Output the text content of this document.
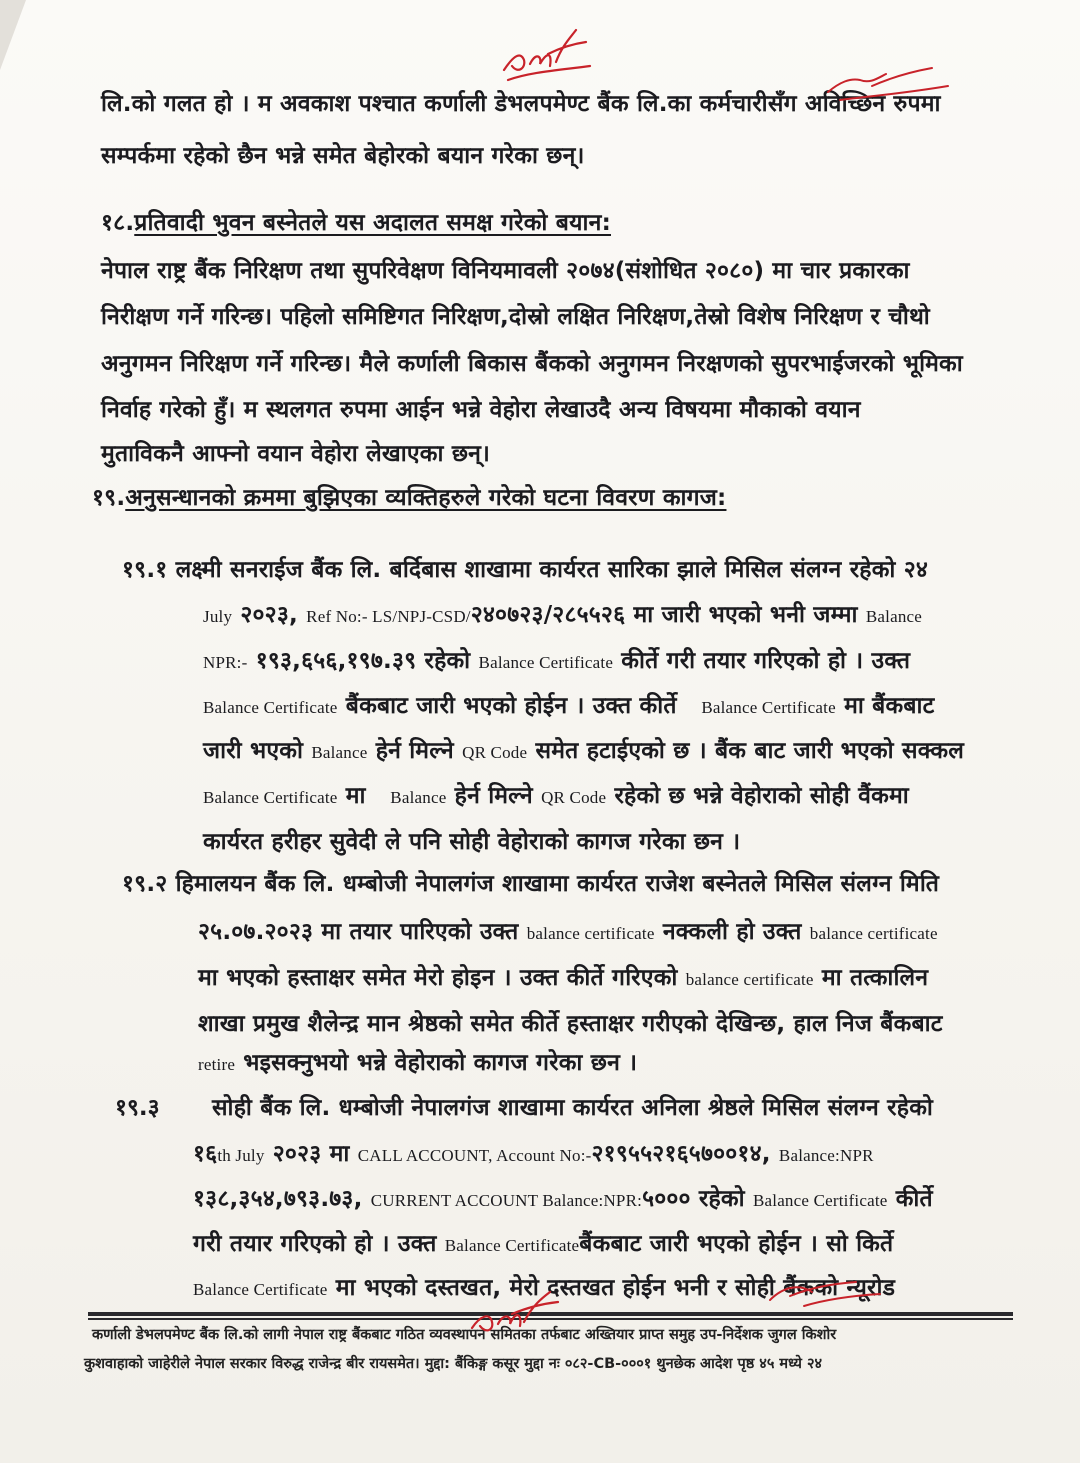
लि.को गलत हो । म अवकाश पश्चात कर्णाली डेभलपमेण्ट बैंक लि.का कर्मचारीसँग अविच्छिन रुपमा
सम्पर्कमा रहेको छैन भन्ने समेत बेहोरको बयान गरेका छन्।
१८.प्रतिवादी भुवन बस्नेतले यस अदालत समक्ष गरेको बयान:
नेपाल राष्ट्र बैंक निरिक्षण तथा सुपरिवेक्षण विनियमावली २०७४(संशोधित २०८०) मा चार प्रकारका
निरीक्षण गर्ने गरिन्छ। पहिलो समिष्टिगत निरिक्षण,दोस्रो लक्षित निरिक्षण,तेस्रो विशेष निरिक्षण र चौथो
अनुगमन निरिक्षण गर्ने गरिन्छ। मैले कर्णाली बिकास बैंकको अनुगमन निरक्षणको सुपरभाईजरको भूमिका
निर्वाह गरेको हुँ। म स्थलगत रुपमा आईन भन्ने वेहोरा लेखाउदै अन्य विषयमा मौकाको वयान
मुताविकनै आफ्नो वयान वेहोरा लेखाएका छन्।
१९.अनुसन्धानको क्रममा बुझिएका व्यक्तिहरुले गरेको घटना विवरण कागज:
१९.१ लक्ष्मी सनराईज बैंक लि. बर्दिबास शाखामा कार्यरत सारिका झाले मिसिल संलग्न रहेको २४
July २०२३, Ref No:- LS/NPJ-CSD/२४०७२३/२८५५२६ मा जारी भएको भनी जम्मा Balance
NPR:- १९३,६५६,१९७.३९ रहेको Balance Certificate कीर्ते गरी तयार गरिएको हो । उक्त
Balance Certificate बैंकबाट जारी भएको होईन । उक्त कीर्ते Balance Certificate मा बैंकबाट
जारी भएको Balance हेर्न मिल्ने QR Code समेत हटाईएको छ । बैंक बाट जारी भएको सक्कल
Balance Certificate मा Balance हेर्न मिल्ने QR Code रहेको छ भन्ने वेहोराको सोही वैंकमा
कार्यरत हरीहर सुवेदी ले पनि सोही वेहोराको कागज गरेका छन ।
१९.२ हिमालयन बैंक लि. धम्बोजी नेपालगंज शाखामा कार्यरत राजेश बस्नेतले मिसिल संलग्न मिति
२५.०७.२०२३ मा तयार पारिएको उक्त balance certificate नक्कली हो उक्त balance certificate
मा भएको हस्ताक्षर समेत मेरो होइन । उक्त कीर्ते गरिएको balance certificate मा तत्कालिन
शाखा प्रमुख शैलेन्द्र मान श्रेष्ठको समेत कीर्ते हस्ताक्षर गरीएको देखिन्छ, हाल निज बैंकबाट
retire भइसक्नुभयो भन्ने वेहोराको कागज गरेका छन ।
१९.३ सोही बैंक लि. धम्बोजी नेपालगंज शाखामा कार्यरत अनिला श्रेष्ठले मिसिल संलग्न रहेको
१६th July २०२३ मा CALL ACCOUNT, Account No:-२१९५५२१६५७००१४, Balance:NPR
१३८,३५४,७९३.७३, CURRENT ACCOUNT Balance:NPR:५००० रहेको Balance Certificate कीर्ते
गरी तयार गरिएको हो । उक्त Balance Certificateबैंकबाट जारी भएको होईन । सो किर्ते
Balance Certificate मा भएको दस्तखत, मेरो दस्तखत होईन भनी र सोही बैंकको न्यूरोड
कर्णाली डेभलपमेण्ट बैंक लि.को लागी नेपाल राष्ट्र बैंकबाट गठित व्यवस्थापन समितका तर्फबाट अख्तियार प्राप्त समुह उप-निर्देशक जुगल किशोर
कुशवाहाको जाहेरीले नेपाल सरकार विरुद्ध राजेन्द्र बीर रायसमेत। मुद्दा: बैंकिङ्ग कसूर मुद्दा नः ०८२-CB-०००१ थुनछेक आदेश पृष्ठ ४५ मध्ये २४
